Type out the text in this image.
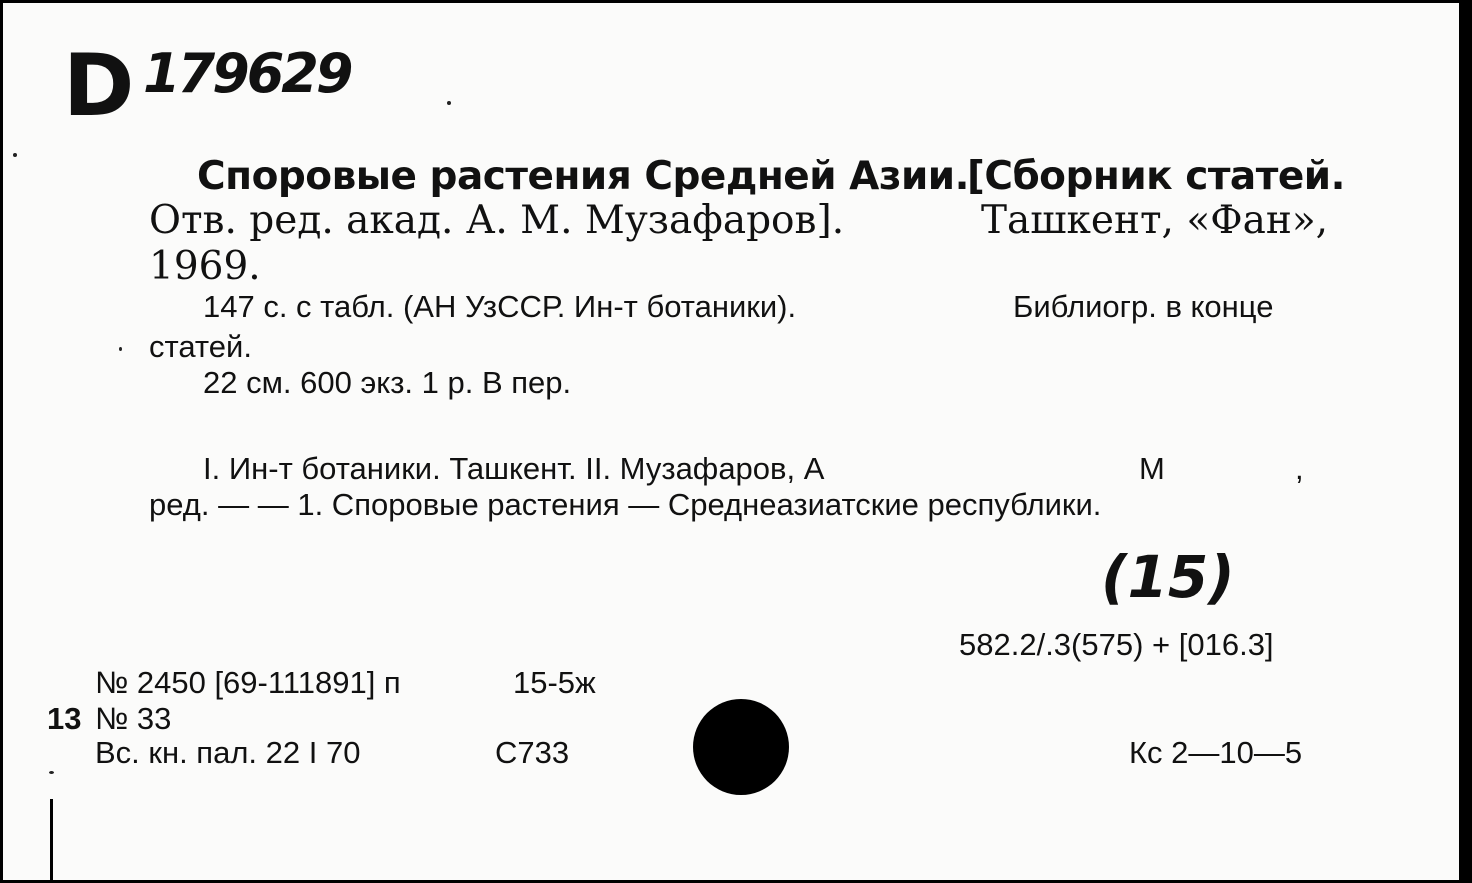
D 179629
Споровые растения Средней Азии.
[Сборник статей.
Отв. ред. акад. А. М. Музафаров].	Ташкент, «Фан»,
1969.
147 с. с табл. (АН УзССР. Ин-т ботаники).	Библиогр. в конце
статей.
22 см. 600 экз. 1 р. В пер.
I. Ин-т ботаники. Ташкент. II. Музафаров, А	М	,
ред. — — 1. Споровые растения — Среднеазиатские республики.
(15)
582.2/.3(575) + [016.3]
№ 2450 [69-111891] п	15-5ж
13 № 33
Вс. кн. пал. 22 I 70	С733	Кс 2—10—5
